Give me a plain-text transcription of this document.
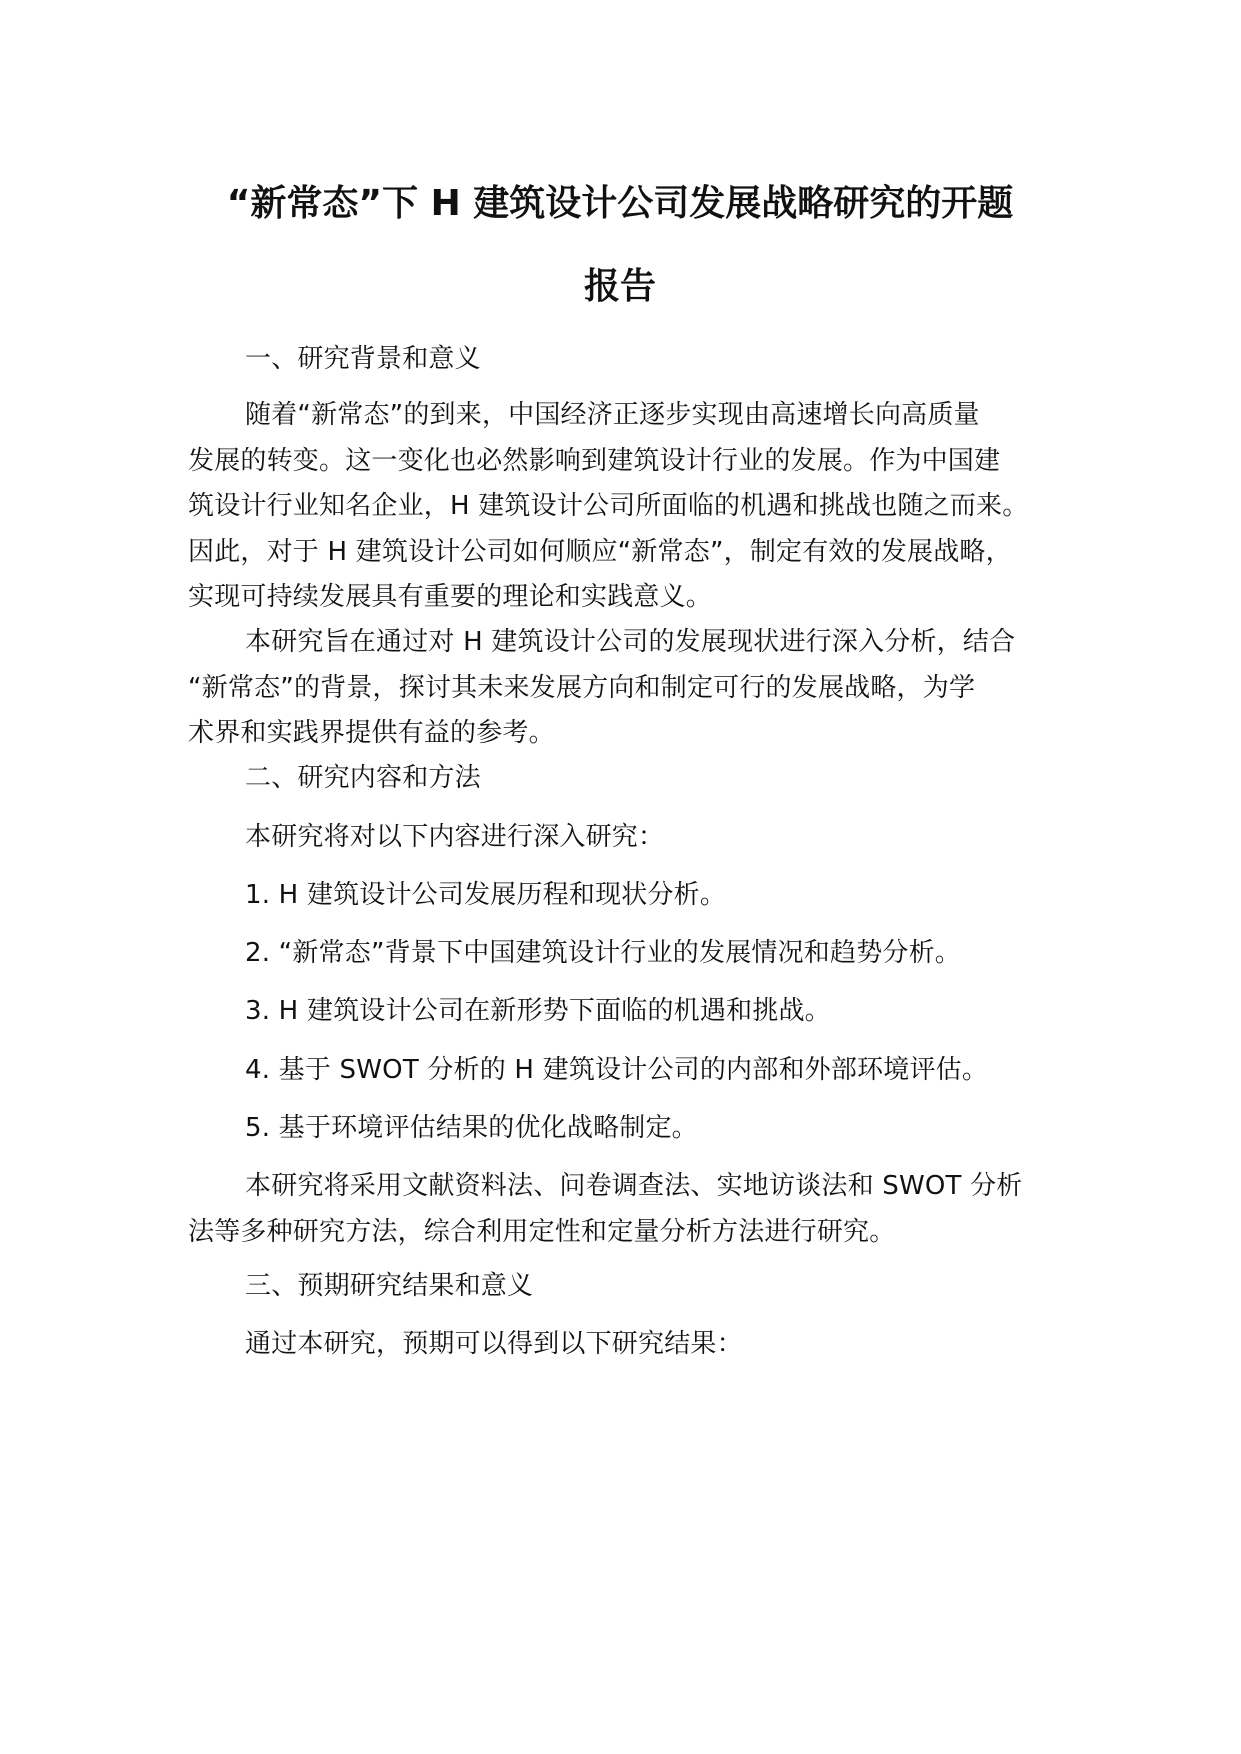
“新常态”下 H 建筑设计公司发展战略研究的开题
报告

一、研究背景和意义

随着“新常态”的到来，中国经济正逐步实现由高速增长向高质量
发展的转变。这一变化也必然影响到建筑设计行业的发展。作为中国建
筑设计行业知名企业，H 建筑设计公司所面临的机遇和挑战也随之而来。
因此，对于 H 建筑设计公司如何顺应“新常态”，制定有效的发展战略，
实现可持续发展具有重要的理论和实践意义。

本研究旨在通过对 H 建筑设计公司的发展现状进行深入分析，结合
“新常态”的背景，探讨其未来发展方向和制定可行的发展战略，为学
术界和实践界提供有益的参考。

二、研究内容和方法

本研究将对以下内容进行深入研究：

1. H 建筑设计公司发展历程和现状分析。

2. “新常态”背景下中国建筑设计行业的发展情况和趋势分析。

3. H 建筑设计公司在新形势下面临的机遇和挑战。

4. 基于 SWOT 分析的 H 建筑设计公司的内部和外部环境评估。

5. 基于环境评估结果的优化战略制定。

本研究将采用文献资料法、问卷调查法、实地访谈法和 SWOT 分析
法等多种研究方法，综合利用定性和定量分析方法进行研究。

三、预期研究结果和意义

通过本研究，预期可以得到以下研究结果：
